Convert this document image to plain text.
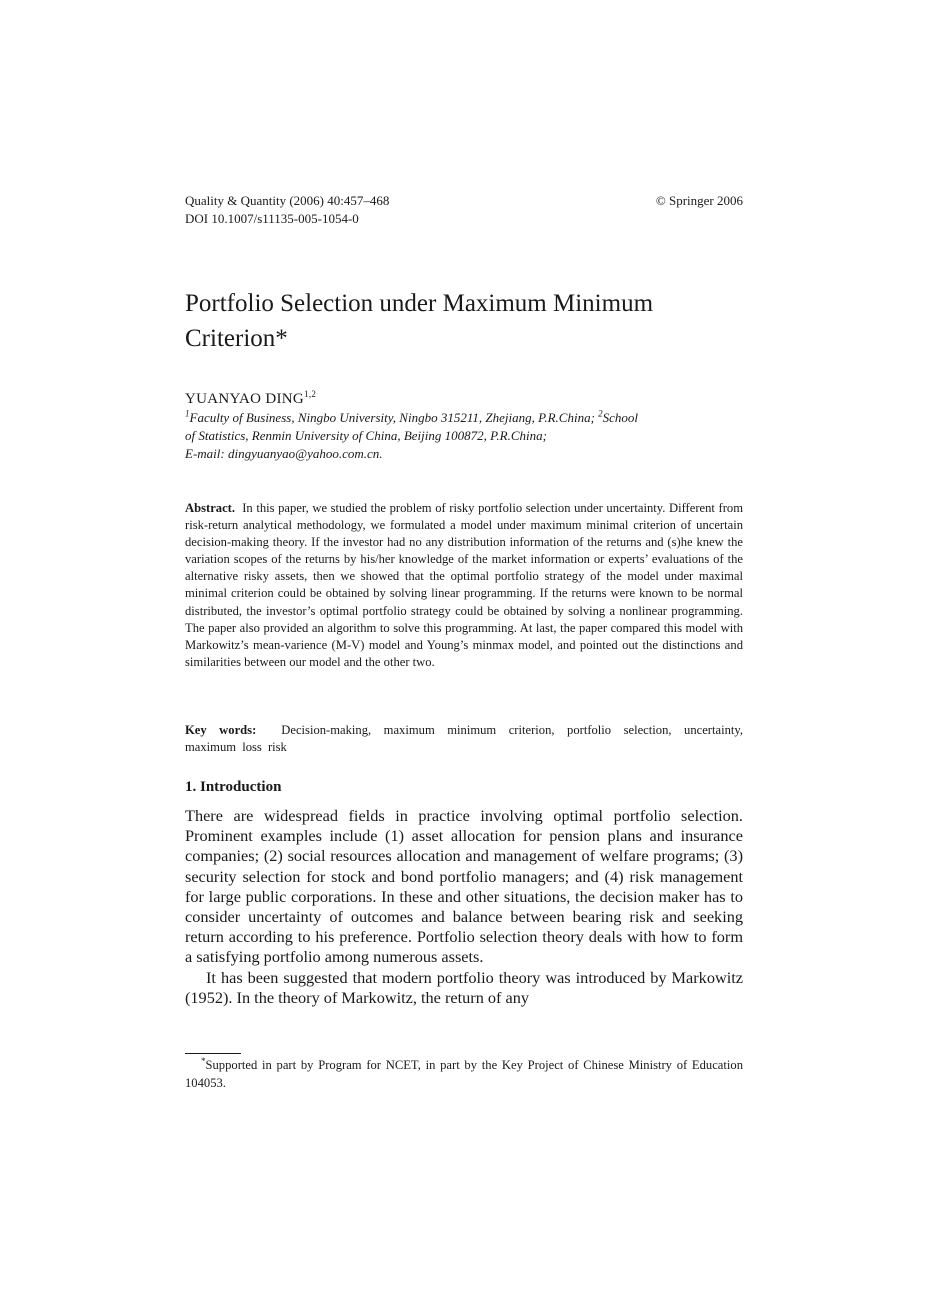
Quality & Quantity (2006) 40:457–468	© Springer 2006
DOI 10.1007/s11135-005-1054-0
Portfolio Selection under Maximum Minimum
Criterion*
YUANYAO DING$^{1,2}$
$^1$Faculty of Business, Ningbo University, Ningbo 315211, Zhejiang, P.R.China; $^2$School
of Statistics, Renmin University of China, Beijing 100872, P.R.China;
E-mail: dingyuanyao@yahoo.com.cn.

Abstract. In this paper, we studied the problem of risky portfolio selection under uncertainty. Different from risk-return analytical methodology, we formulated a model under maximum minimal criterion of uncertain decision-making theory. If the investor had no any distribution information of the returns and (s)he knew the variation scopes of the returns by his/her knowledge of the market information or experts’ evaluations of the alternative risky assets, then we showed that the optimal portfolio strategy of the model under maximal minimal criterion could be obtained by solving linear programming. If the returns were known to be normal distributed, the investor’s optimal portfolio strategy could be obtained by solving a nonlinear programming. The paper also provided an algorithm to solve this programming. At last, the paper compared this model with Markowitz’s mean-varience (M-V) model and Young’s minmax model, and pointed out the distinctions and similarities between our model and the other two.

Key words: Decision-making, maximum minimum criterion, portfolio selection, uncertainty, maximum loss risk

1. Introduction

There are widespread fields in practice involving optimal portfolio selection. Prominent examples include (1) asset allocation for pension plans and insurance companies; (2) social resources allocation and management of welfare programs; (3) security selection for stock and bond portfolio managers; and (4) risk management for large public corporations. In these and other situations, the decision maker has to consider uncertainty of outcomes and balance between bearing risk and seeking return according to his preference. Portfolio selection theory deals with how to form a satisfying portfolio among numerous assets.

It has been suggested that modern portfolio theory was introduced by Markowitz (1952). In the theory of Markowitz, the return of any

*Supported in part by Program for NCET, in part by the Key Project of Chinese Ministry of Education 104053.
